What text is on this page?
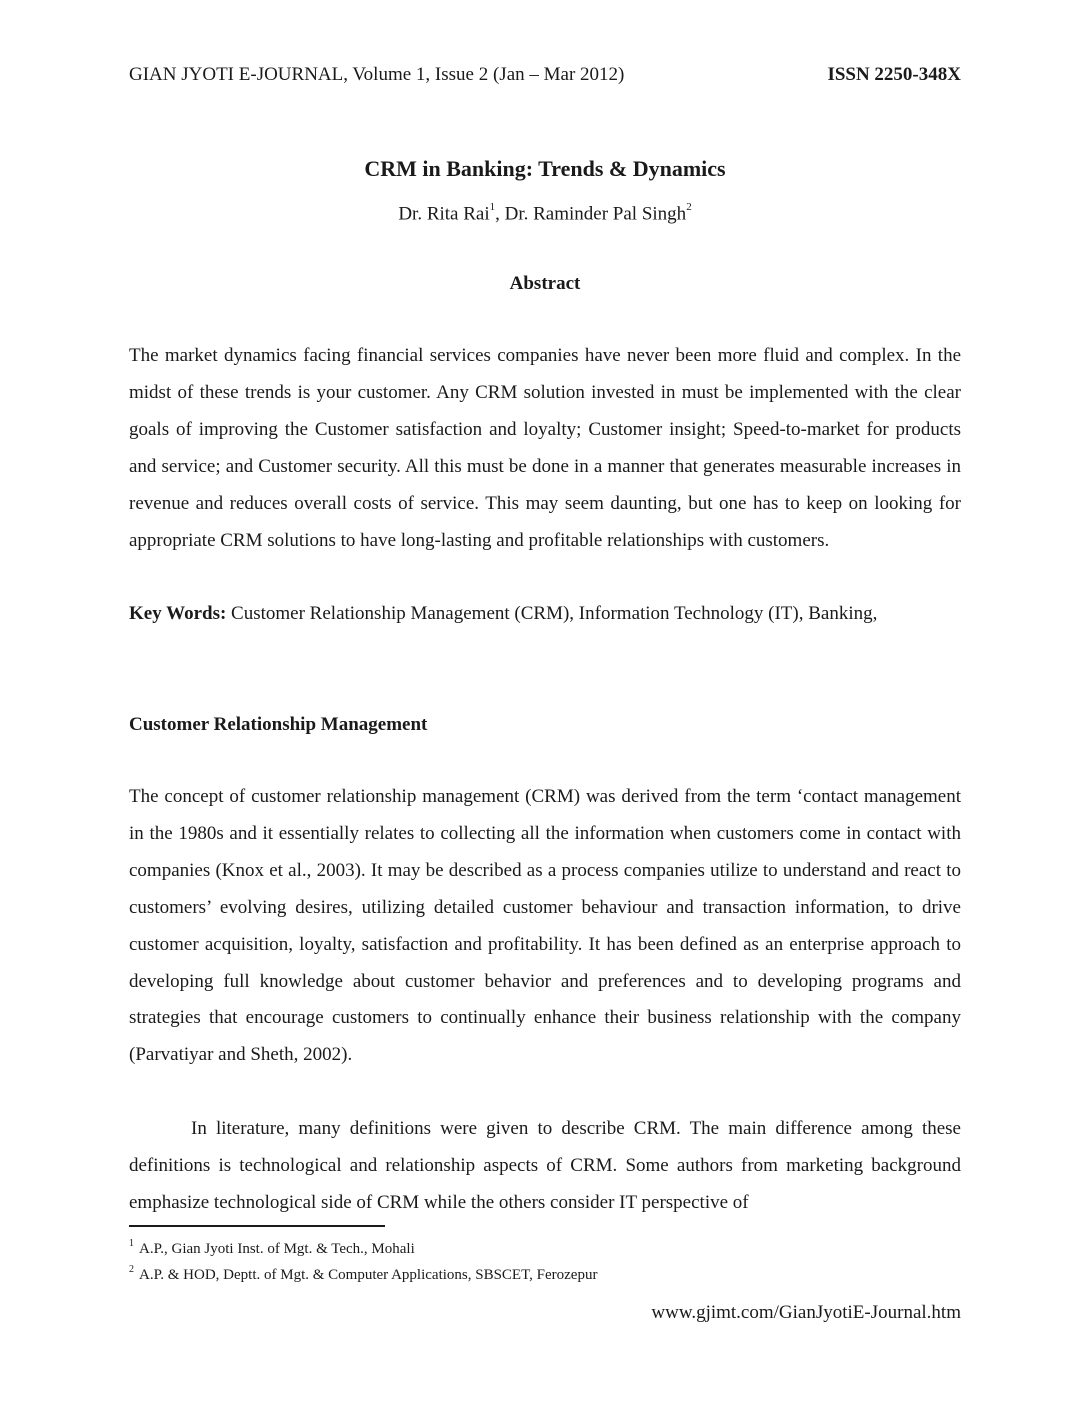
GIAN JYOTI E-JOURNAL, Volume 1, Issue 2 (Jan – Mar 2012)	ISSN 2250-348X
CRM in Banking: Trends & Dynamics
Dr. Rita Rai$^1$, Dr. Raminder Pal Singh$^2$
Abstract

The market dynamics facing financial services companies have never been more fluid and complex. In the midst of these trends is your customer. Any CRM solution invested in must be implemented with the clear goals of improving the Customer satisfaction and loyalty; Customer insight; Speed-to-market for products and service; and Customer security. All this must be done in a manner that generates measurable increases in revenue and reduces overall costs of service. This may seem daunting, but one has to keep on looking for appropriate CRM solutions to have long-lasting and profitable relationships with customers.

Key Words: Customer Relationship Management (CRM), Information Technology (IT), Banking,

Customer Relationship Management

The concept of customer relationship management (CRM) was derived from the term ‘contact management in the 1980s and it essentially relates to collecting all the information when customers come in contact with companies (Knox et al., 2003). It may be described as a process companies utilize to understand and react to customers’ evolving desires, utilizing detailed customer behaviour and transaction information, to drive customer acquisition, loyalty, satisfaction and profitability. It has been defined as an enterprise approach to developing full knowledge about customer behavior and preferences and to developing programs and strategies that encourage customers to continually enhance their business relationship with the company (Parvatiyar and Sheth, 2002).

In literature, many definitions were given to describe CRM. The main difference among these definitions is technological and relationship aspects of CRM. Some authors from marketing background emphasize technological side of CRM while the others consider IT perspective of

$^1$ A.P., Gian Jyoti Inst. of Mgt. & Tech., Mohali
$^2$ A.P. & HOD, Deptt. of Mgt. & Computer Applications, SBSCET, Ferozepur
www.gjimt.com/GianJyotiE-Journal.htm
